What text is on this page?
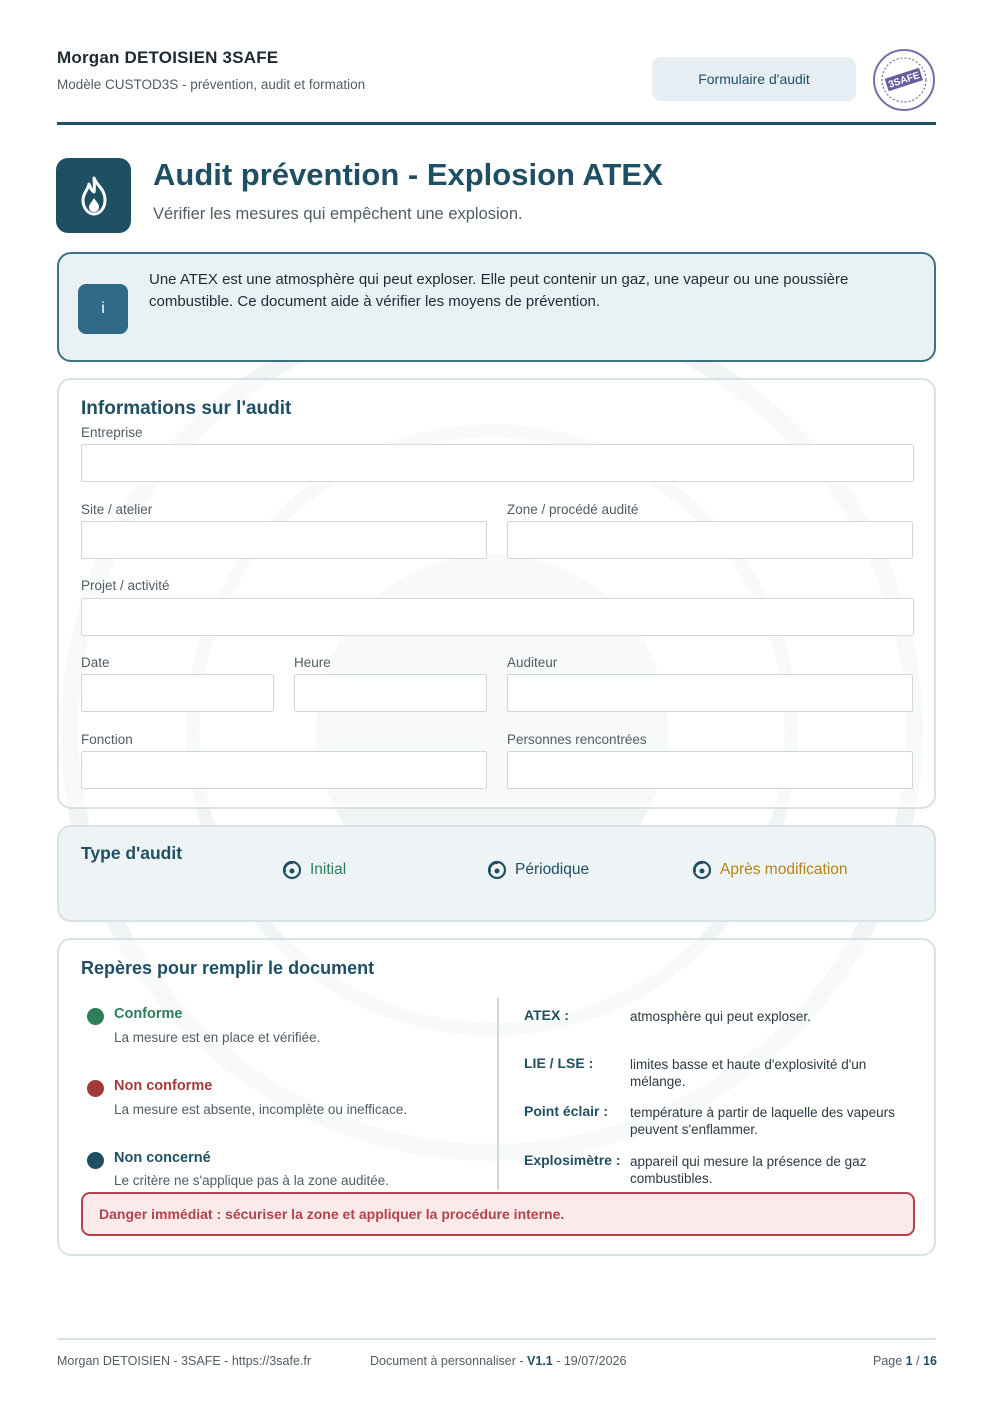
Morgan DETOISIEN 3SAFE
Modèle CUSTOD3S - prévention, audit et formation	Formulaire d'audit	3SAFE
Audit prévention - Explosion ATEX
Vérifier les mesures qui empêchent une explosion.
i
Une ATEX est une atmosphère qui peut exploser. Elle peut contenir un gaz, une vapeur ou une poussière combustible. Ce document aide à vérifier les moyens de prévention.
Informations sur l'audit
Entreprise
Site / atelier	Zone / procédé audité
Projet / activité
Date	Heure	Auditeur
Fonction	Personnes rencontrées
Type d'audit
Initial	Périodique	Après modification
Repères pour remplir le document
Conforme
La mesure est en place et vérifiée.
Non conforme
La mesure est absente, incomplète ou inefficace.
Non concerné
Le critère ne s'applique pas à la zone auditée.
ATEX :	atmosphère qui peut exploser.
LIE / LSE :	limites basse et haute d'explosivité d'un mélange.
Point éclair : température à partir de laquelle des vapeurs peuvent s'enflammer.
Explosimètre : appareil qui mesure la présence de gaz combustibles.
Danger immédiat : sécuriser la zone et appliquer la procédure interne.
Morgan DETOISIEN - 3SAFE - https://3safe.fr	Document à personnaliser - V1.1 - 19/07/2026	Page 1 / 16
